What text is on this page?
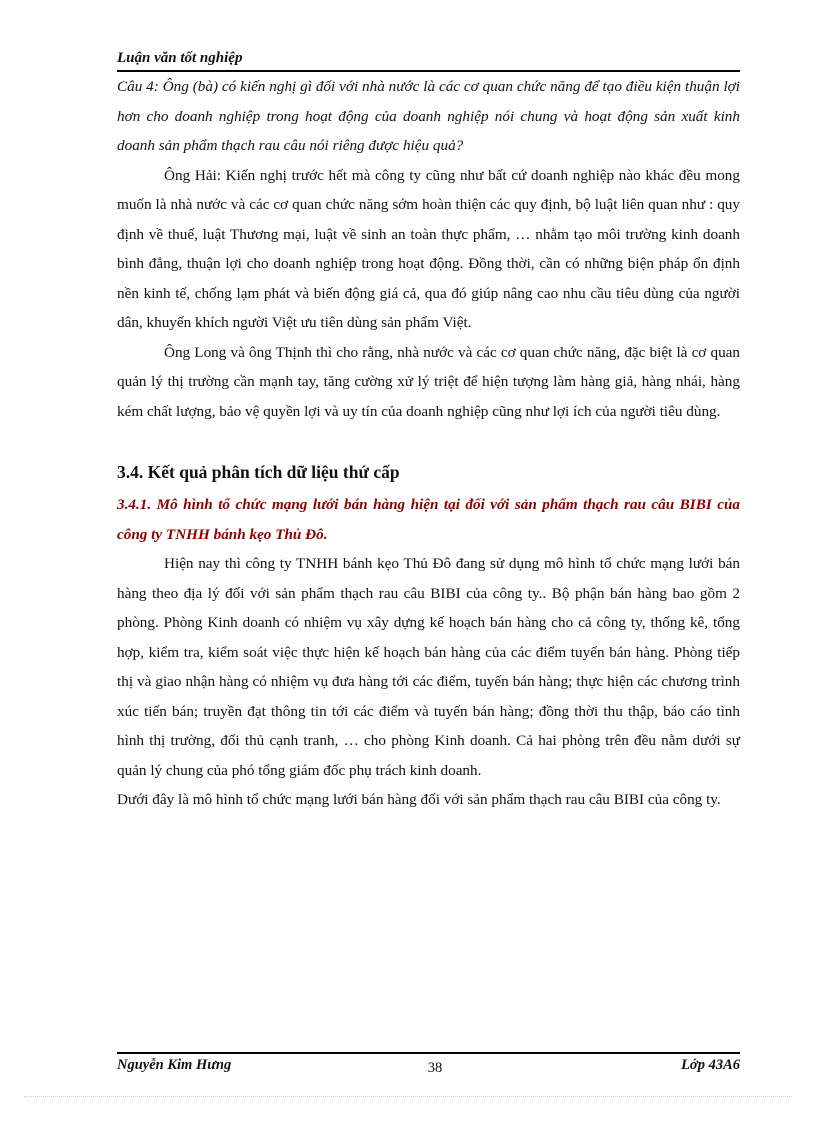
Luận văn tốt nghiệp

Câu 4: Ông (bà) có kiến nghị gì đối với nhà nước là các cơ quan chức năng để tạo điều kiện thuận lợi hơn cho doanh nghiệp trong hoạt động của doanh nghiệp nói chung và hoạt động sản xuất kinh doanh sản phẩm thạch rau câu nói riêng được hiệu quả?

Ông Hải: Kiến nghị trước hết mà công ty cũng như bất cứ doanh nghiệp nào khác đều mong muốn là nhà nước và các cơ quan chức năng sớm hoàn thiện các quy định, bộ luật liên quan như : quy định về thuế, luật Thương mại, luật về sinh an toàn thực phẩm, … nhằm tạo môi trường kinh doanh bình đẳng, thuận lợi cho doanh nghiệp trong hoạt động. Đồng thời, cần có những biện pháp ổn định nền kinh tế, chống lạm phát và biến động giá cả, qua đó giúp nâng cao nhu cầu tiêu dùng của người dân, khuyến khích người Việt ưu tiên dùng sản phẩm Việt.

Ông Long và ông Thịnh thì cho rằng, nhà nước và các cơ quan chức năng, đặc biệt là cơ quan quản lý thị trường cần mạnh tay, tăng cường xử lý triệt để hiện tượng làm hàng giả, hàng nhái, hàng kém chất lượng, bảo vệ quyền lợi và uy tín của doanh nghiệp cũng như lợi ích của người tiêu dùng.

3.4. Kết quả phân tích dữ liệu thứ cấp

3.4.1. Mô hình tổ chức mạng lưới bán hàng hiện tại đối với sản phẩm thạch rau câu BIBI của công ty TNHH bánh kẹo Thủ Đô.

Hiện nay thì công ty TNHH bánh kẹo Thủ Đô đang sử dụng mô hình tổ chức mạng lưới bán hàng theo địa lý đối với sản phẩm thạch rau câu BIBI của công ty.. Bộ phận bán hàng bao gồm 2 phòng. Phòng Kinh doanh có nhiệm vụ xây dựng kế hoạch bán hàng cho cả công ty, thống kê, tổng hợp, kiểm tra, kiểm soát việc thực hiện kế hoạch bán hàng của các điểm tuyến bán hàng. Phòng tiếp thị và giao nhận hàng có nhiệm vụ đưa hàng tới các điểm, tuyến bán hàng; thực hiện các chương trình xúc tiến bán; truyền đạt thông tin tới các điểm và tuyến bán hàng; đồng thời thu thập, báo cáo tình hình thị trường, đối thủ cạnh tranh, … cho phòng Kinh doanh. Cả hai phòng trên đều nằm dưới sự quản lý chung của phó tổng giám đốc phụ trách kinh doanh.

Dưới đây là mô hình tổ chức mạng lưới bán hàng đối với sản phẩm thạch rau câu BIBI của công ty.

Nguyễn Kim Hưng	38	Lớp 43A6
